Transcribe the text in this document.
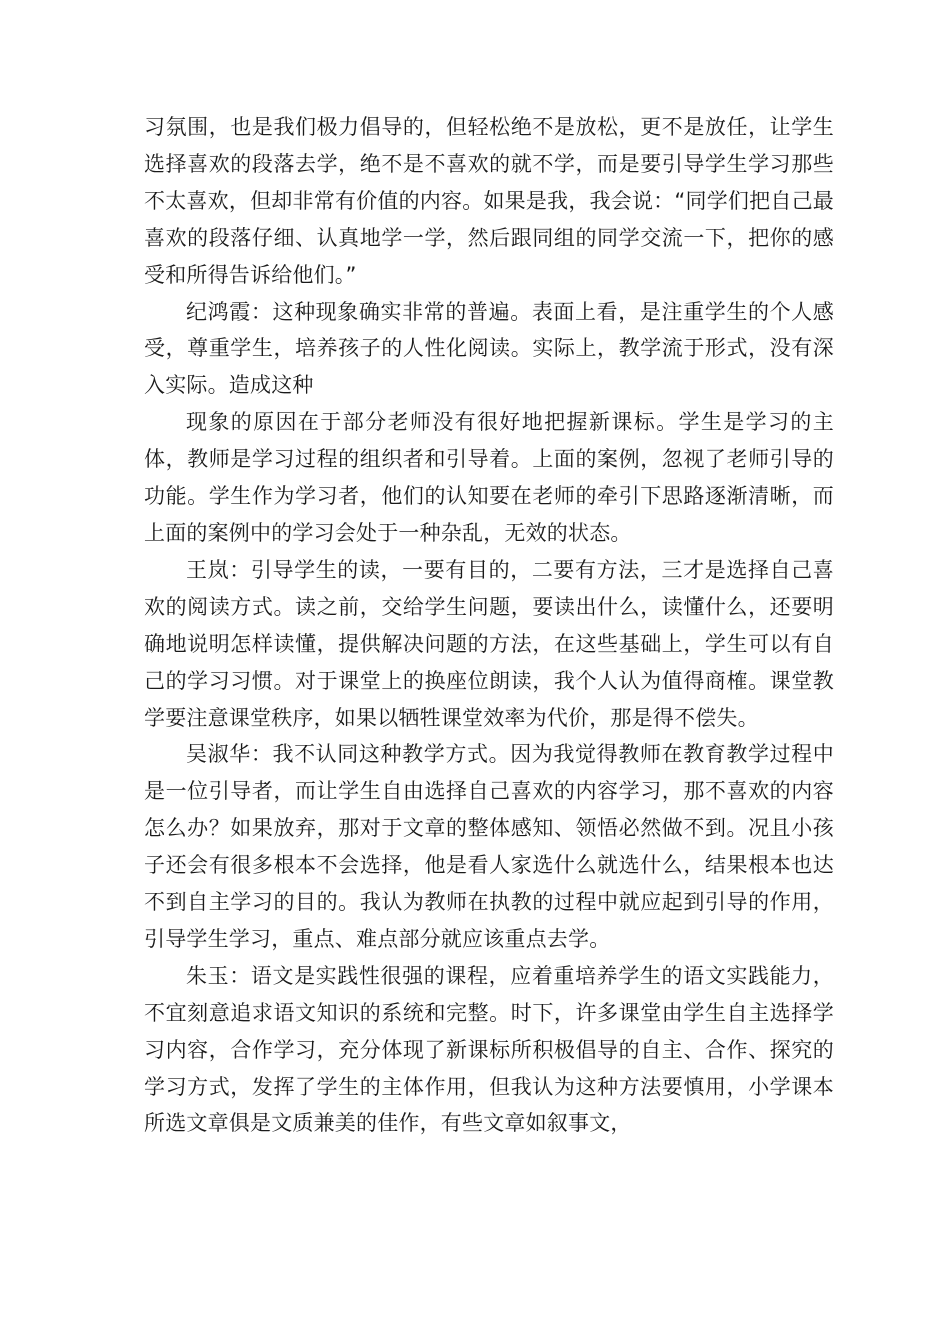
习氛围，也是我们极力倡导的，但轻松绝不是放松，更不是放任，让学生选择喜欢的段落去学，绝不是不喜欢的就不学，而是要引导学生学习那些不太喜欢，但却非常有价值的内容。如果是我，我会说：“同学们把自己最喜欢的段落仔细、认真地学一学，然后跟同组的同学交流一下，把你的感受和所得告诉给他们。”

纪鸿霞：这种现象确实非常的普遍。表面上看，是注重学生的个人感受，尊重学生，培养孩子的人性化阅读。实际上，教学流于形式，没有深入实际。造成这种

现象的原因在于部分老师没有很好地把握新课标。学生是学习的主体，教师是学习过程的组织者和引导着。上面的案例，忽视了老师引导的功能。学生作为学习者，他们的认知要在老师的牵引下思路逐渐清晰，而上面的案例中的学习会处于一种杂乱，无效的状态。

王岚：引导学生的读，一要有目的，二要有方法，三才是选择自己喜欢的阅读方式。读之前，交给学生问题，要读出什么，读懂什么，还要明确地说明怎样读懂，提供解决问题的方法，在这些基础上，学生可以有自己的学习习惯。对于课堂上的换座位朗读，我个人认为值得商榷。课堂教学要注意课堂秩序，如果以牺牲课堂效率为代价，那是得不偿失。

吴淑华：我不认同这种教学方式。因为我觉得教师在教育教学过程中是一位引导者，而让学生自由选择自己喜欢的内容学习，那不喜欢的内容怎么办？如果放弃，那对于文章的整体感知、领悟必然做不到。况且小孩子还会有很多根本不会选择，他是看人家选什么就选什么，结果根本也达不到自主学习的目的。我认为教师在执教的过程中就应起到引导的作用，引导学生学习，重点、难点部分就应该重点去学。

朱玉：语文是实践性很强的课程，应着重培养学生的语文实践能力，不宜刻意追求语文知识的系统和完整。时下，许多课堂由学生自主选择学习内容，合作学习，充分体现了新课标所积极倡导的自主、合作、探究的学习方式，发挥了学生的主体作用，但我认为这种方法要慎用，小学课本所选文章俱是文质兼美的佳作，有些文章如叙事文，
